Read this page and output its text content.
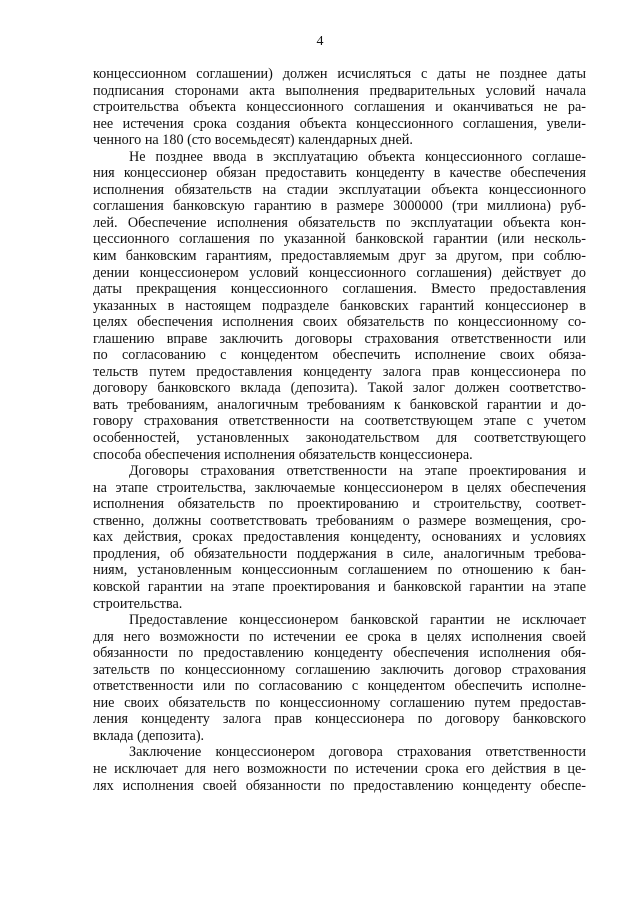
4
концессионном соглашении) должен исчисляться с даты не позднее даты
подписания сторонами акта выполнения предварительных условий начала
строительства объекта концессионного соглашения и оканчиваться не ра-
нее истечения срока создания объекта концессионного соглашения, увели-
ченного на 180 (сто восемьдесят) календарных дней.
Не позднее ввода в эксплуатацию объекта концессионного соглаше-
ния концессионер обязан предоставить концеденту в качестве обеспечения
исполнения обязательств на стадии эксплуатации объекта концессионного
соглашения банковскую гарантию в размере 3000000 (три миллиона) руб-
лей. Обеспечение исполнения обязательств по эксплуатации объекта кон-
цессионного соглашения по указанной банковской гарантии (или несколь-
ким банковским гарантиям, предоставляемым друг за другом, при соблю-
дении концессионером условий концессионного соглашения) действует до
даты прекращения концессионного соглашения. Вместо предоставления
указанных в настоящем подразделе банковских гарантий концессионер в
целях обеспечения исполнения своих обязательств по концессионному со-
глашению вправе заключить договоры страхования ответственности или
по согласованию с концедентом обеспечить исполнение своих обяза-
тельств путем предоставления концеденту залога прав концессионера по
договору банковского вклада (депозита). Такой залог должен соответство-
вать требованиям, аналогичным требованиям к банковской гарантии и до-
говору страхования ответственности на соответствующем этапе с учетом
особенностей, установленных законодательством для соответствующего
способа обеспечения исполнения обязательств концессионера.
Договоры страхования ответственности на этапе проектирования и
на этапе строительства, заключаемые концессионером в целях обеспечения
исполнения обязательств по проектированию и строительству, соответ-
ственно, должны соответствовать требованиям о размере возмещения, сро-
ках действия, сроках предоставления концеденту, основаниях и условиях
продления, об обязательности поддержания в силе, аналогичным требова-
ниям, установленным концессионным соглашением по отношению к бан-
ковской гарантии на этапе проектирования и банковской гарантии на этапе
строительства.
Предоставление концессионером банковской гарантии не исключает
для него возможности по истечении ее срока в целях исполнения своей
обязанности по предоставлению концеденту обеспечения исполнения обя-
зательств по концессионному соглашению заключить договор страхования
ответственности или по согласованию с концедентом обеспечить исполне-
ние своих обязательств по концессионному соглашению путем предостав-
ления концеденту залога прав концессионера по договору банковского
вклада (депозита).
Заключение концессионером договора страхования ответственности
не исключает для него возможности по истечении срока его действия в це-
лях исполнения своей обязанности по предоставлению концеденту обеспе-
